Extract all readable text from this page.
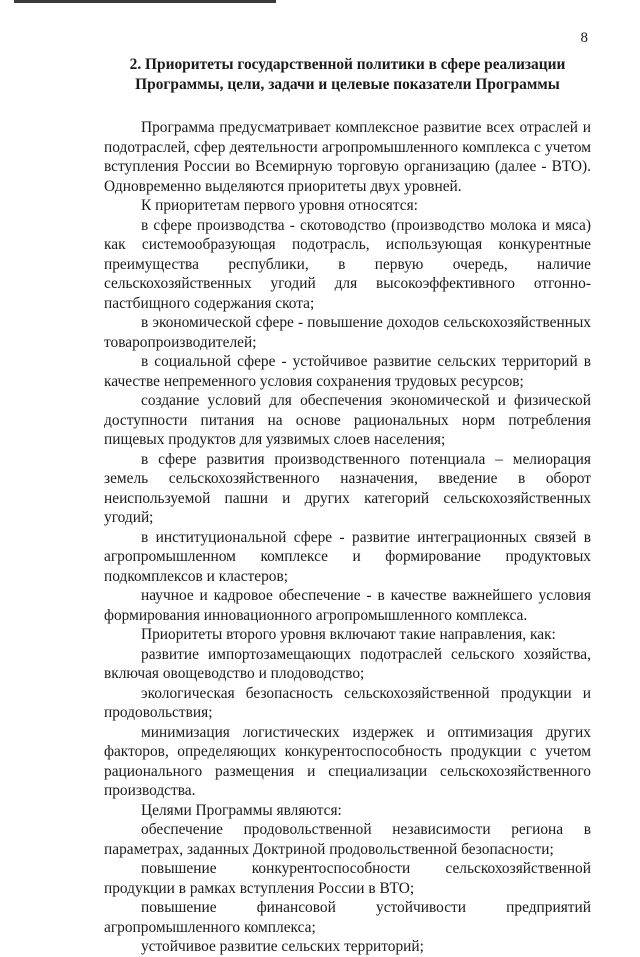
8
2. Приоритеты государственной политики в сфере реализации Программы, цели, задачи и целевые показатели Программы

Программа предусматривает комплексное развитие всех отраслей и подотраслей, сфер деятельности агропромышленного комплекса с учетом вступления России во Всемирную торговую организацию (далее - ВТО). Одновременно выделяются приоритеты двух уровней.

К приоритетам первого уровня относятся:

в сфере производства - скотоводство (производство молока и мяса) как системообразующая подотрасль, использующая конкурентные преимущества республики, в первую очередь, наличие сельскохозяйственных угодий для высокоэффективного отгонно-пастбищного содержания скота;

в экономической сфере - повышение доходов сельскохозяйственных товаропроизводителей;

в социальной сфере - устойчивое развитие сельских территорий в качестве непременного условия сохранения трудовых ресурсов;

создание условий для обеспечения экономической и физической доступности питания на основе рациональных норм потребления пищевых продуктов для уязвимых слоев населения;

в сфере развития производственного потенциала – мелиорация земель сельскохозяйственного назначения, введение в оборот неиспользуемой пашни и других категорий сельскохозяйственных угодий;

в институциональной сфере - развитие интеграционных связей в агропромышленном комплексе и формирование продуктовых подкомплексов и кластеров;

научное и кадровое обеспечение - в качестве важнейшего условия формирования инновационного агропромышленного комплекса.

Приоритеты второго уровня включают такие направления, как:

развитие импортозамещающих подотраслей сельского хозяйства, включая овощеводство и плодоводство;

экологическая безопасность сельскохозяйственной продукции и продовольствия;

минимизация логистических издержек и оптимизация других факторов, определяющих конкурентоспособность продукции с учетом рационального размещения и специализации сельскохозяйственного производства.

Целями Программы являются:

обеспечение продовольственной независимости региона в параметрах, заданных Доктриной продовольственной безопасности;

повышение конкурентоспособности сельскохозяйственной продукции в рамках вступления России в ВТО;

повышение финансовой устойчивости предприятий агропромышленного комплекса;

устойчивое развитие сельских территорий;
